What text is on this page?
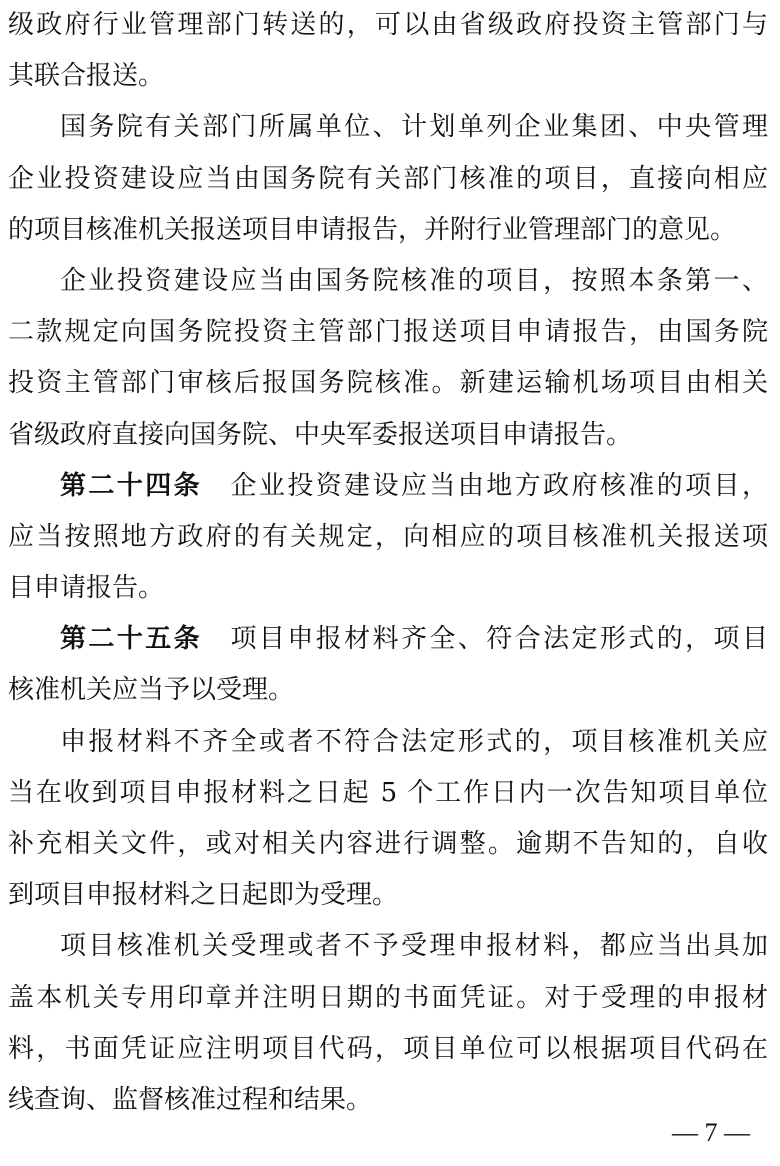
级政府行业管理部门转送的，可以由省级政府投资主管部门与
其联合报送。
国务院有关部门所属单位、计划单列企业集团、中央管理
企业投资建设应当由国务院有关部门核准的项目，直接向相应
的项目核准机关报送项目申请报告，并附行业管理部门的意见。
企业投资建设应当由国务院核准的项目，按照本条第一、
二款规定向国务院投资主管部门报送项目申请报告，由国务院
投资主管部门审核后报国务院核准。新建运输机场项目由相关
省级政府直接向国务院、中央军委报送项目申请报告。
第二十四条 企业投资建设应当由地方政府核准的项目，
应当按照地方政府的有关规定，向相应的项目核准机关报送项
目申请报告。
第二十五条 项目申报材料齐全、符合法定形式的，项目
核准机关应当予以受理。
申报材料不齐全或者不符合法定形式的，项目核准机关应
当在收到项目申报材料之日起 5 个工作日内一次告知项目单位
补充相关文件，或对相关内容进行调整。逾期不告知的，自收
到项目申报材料之日起即为受理。
项目核准机关受理或者不予受理申报材料，都应当出具加
盖本机关专用印章并注明日期的书面凭证。对于受理的申报材
料，书面凭证应注明项目代码，项目单位可以根据项目代码在
线查询、监督核准过程和结果。
— 7 —
